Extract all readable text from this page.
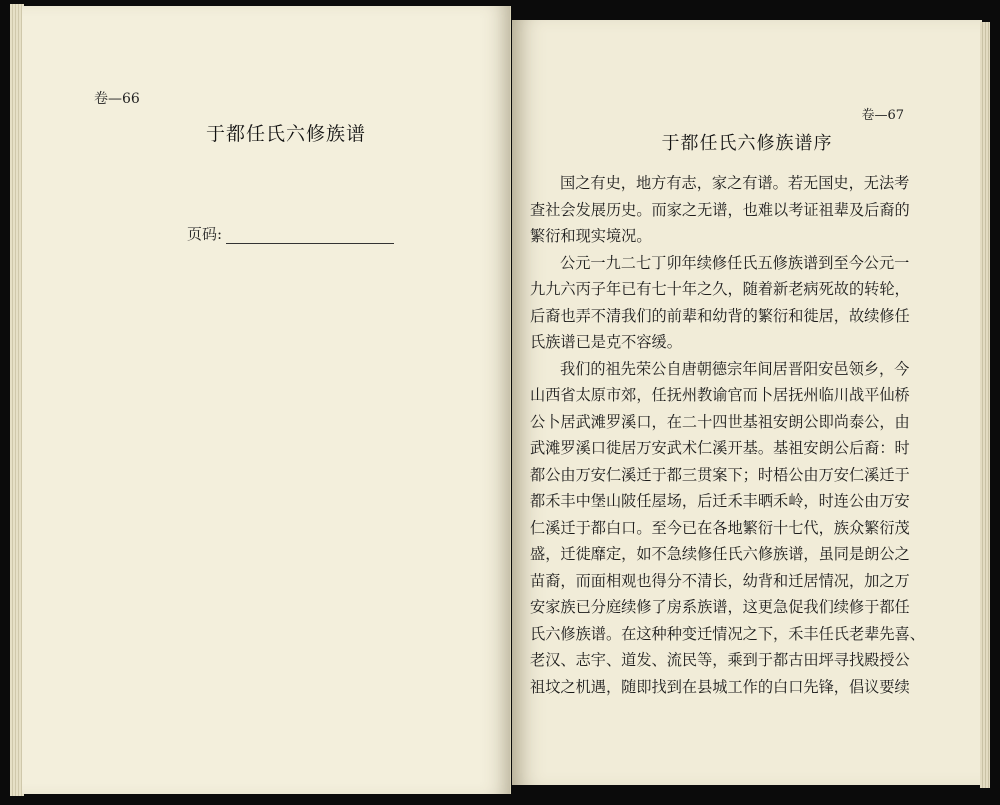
卷—66
于都任氏六修族谱
页码:
卷—67
于都任氏六修族谱序
国之有史，地方有志，家之有谱。若无国史，无法考
查社会发展历史。而家之无谱，也难以考证祖辈及后裔的
繁衍和现实境况。
公元一九二七丁卯年续修任氏五修族谱到至今公元一
九九六丙子年已有七十年之久，随着新老病死故的转轮，
后裔也弄不清我们的前辈和幼背的繁衍和徙居，故续修任
氏族谱已是克不容缓。
我们的祖先荣公自唐朝德宗年间居晋阳安邑领乡，今
山西省太原市郊，任抚州教谕官而卜居抚州临川战平仙桥
公卜居武滩罗溪口，在二十四世基祖安朗公即尚泰公，由
武滩罗溪口徙居万安武术仁溪开基。基祖安朗公后裔：时
都公由万安仁溪迁于都三贯案下；时梧公由万安仁溪迁于
都禾丰中堡山陂任屋场，后迁禾丰晒禾岭，时连公由万安
仁溪迁于都白口。至今已在各地繁衍十七代，族众繁衍茂
盛，迁徙靡定，如不急续修任氏六修族谱，虽同是朗公之
苗裔，而面相观也得分不清长，幼背和迁居情况，加之万
安家族已分庭续修了房系族谱，这更急促我们续修于都任
氏六修族谱。在这种种变迁情况之下，禾丰任氏老辈先喜、
老汉、志宇、道发、流民等，乘到于都古田坪寻找殿授公
祖坟之机遇，随即找到在县城工作的白口先锋，倡议要续
